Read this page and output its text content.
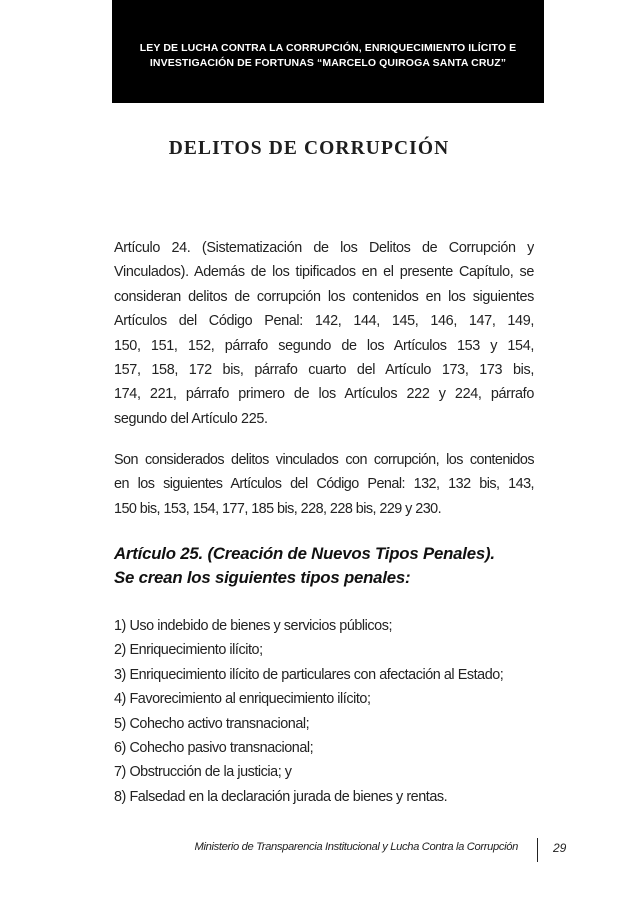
LEY DE LUCHA CONTRA LA CORRUPCIÓN, ENRIQUECIMIENTO ILÍCITO E
INVESTIGACIÓN DE FORTUNAS “MARCELO QUIROGA SANTA CRUZ”
DELITOS DE CORRUPCIÓN
Artículo 24. (Sistematización de los Delitos de Corrupción y
Vinculados). Además de los tipificados en el presente Capítulo, se
consideran delitos de corrupción los contenidos en los siguientes
Artículos del Código Penal: 142, 144, 145, 146, 147, 149,
150, 151, 152, párrafo segundo de los Artículos 153 y 154,
157, 158, 172 bis, párrafo cuarto del Artículo 173, 173 bis,
174, 221, párrafo primero de los Artículos 222 y 224, párrafo
segundo del Artículo 225.
Son considerados delitos vinculados con corrupción, los contenidos
en los siguientes Artículos del Código Penal: 132, 132 bis, 143,
150 bis, 153, 154, 177, 185 bis, 228, 228 bis, 229 y 230.
Artículo 25. (Creación de Nuevos Tipos Penales).
Se crean los siguientes tipos penales:
1) Uso indebido de bienes y servicios públicos;
2) Enriquecimiento ilícito;
3) Enriquecimiento ilícito de particulares con afectación al Estado;
4) Favorecimiento al enriquecimiento ilícito;
5) Cohecho activo transnacional;
6) Cohecho pasivo transnacional;
7) Obstrucción de la justicia; y
8) Falsedad en la declaración jurada de bienes y rentas.
Ministerio de Transparencia Institucional y Lucha Contra la Corrupción	29
